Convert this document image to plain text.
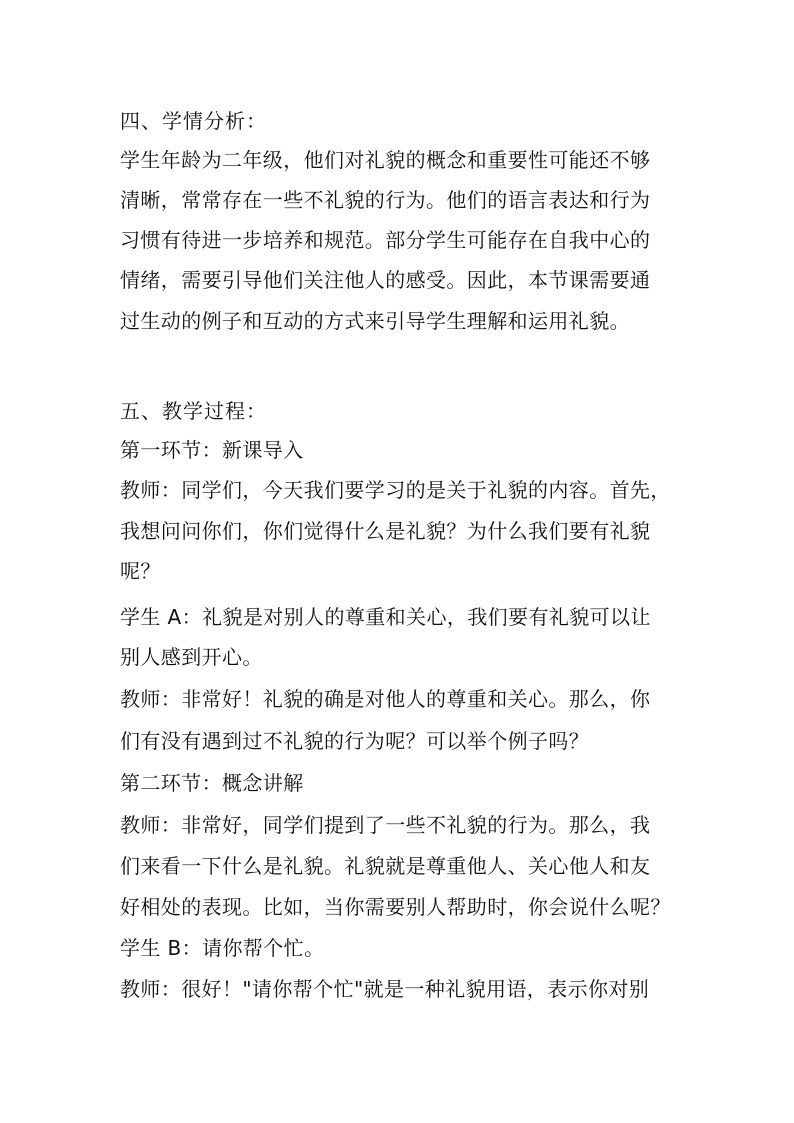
四、学情分析：
学生年龄为二年级，他们对礼貌的概念和重要性可能还不够
清晰，常常存在一些不礼貌的行为。他们的语言表达和行为
习惯有待进一步培养和规范。部分学生可能存在自我中心的
情绪，需要引导他们关注他人的感受。因此，本节课需要通
过生动的例子和互动的方式来引导学生理解和运用礼貌。
五、教学过程：
第一环节：新课导入
教师：同学们，今天我们要学习的是关于礼貌的内容。首先，
我想问问你们，你们觉得什么是礼貌？为什么我们要有礼貌
呢？
学生 A：礼貌是对别人的尊重和关心，我们要有礼貌可以让
别人感到开心。
教师：非常好！礼貌的确是对他人的尊重和关心。那么，你
们有没有遇到过不礼貌的行为呢？可以举个例子吗？
第二环节：概念讲解
教师：非常好，同学们提到了一些不礼貌的行为。那么，我
们来看一下什么是礼貌。礼貌就是尊重他人、关心他人和友
好相处的表现。比如，当你需要别人帮助时，你会说什么呢？
学生 B：请你帮个忙。
教师：很好！"请你帮个忙"就是一种礼貌用语，表示你对别
